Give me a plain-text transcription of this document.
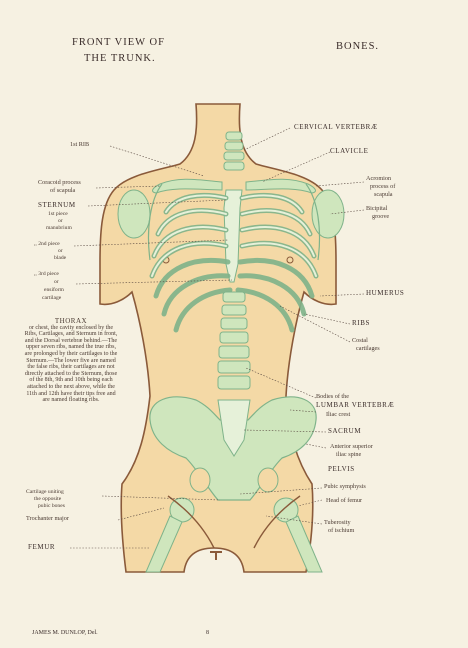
FRONT VIEW OF
THE TRUNK.
BONES.
1st RIB
Coracoid process
of scapula
STERNUM
1st piece
or
manubrium
,, 2nd piece
or
blade
,, 3rd piece
or
ensiform
cartilage
THORAX
or chest, the cavity enclosed by the Ribs, Cartilages, and Sternum in front, and the Dorsal vertebræ behind.—The upper seven ribs, named the true ribs, are prolonged by their cartilages to the Sternum.—The lower five are named the false ribs, their cartilages are not directly attached to the Sternum, those of the 8th, 9th and 10th being each attached to the next above, while the 11th and 12th have their tips free and are named floating ribs.
Cartilage uniting
the opposite
pubic bones
Trochanter major
FEMUR
CERVICAL VERTEBRÆ
CLAVICLE
Acromion
process of
scapula
Bicipital
groove
HUMERUS
RIBS
Costal
cartilages
Bodies of the
LUMBAR VERTEBRÆ
Iliac crest
SACRUM
Anterior superior
iliac spine
PELVIS
Pubic symphysis
Head of femur
Tuberosity
of ischium
JAMES M. DUNLOP, Del.	8
